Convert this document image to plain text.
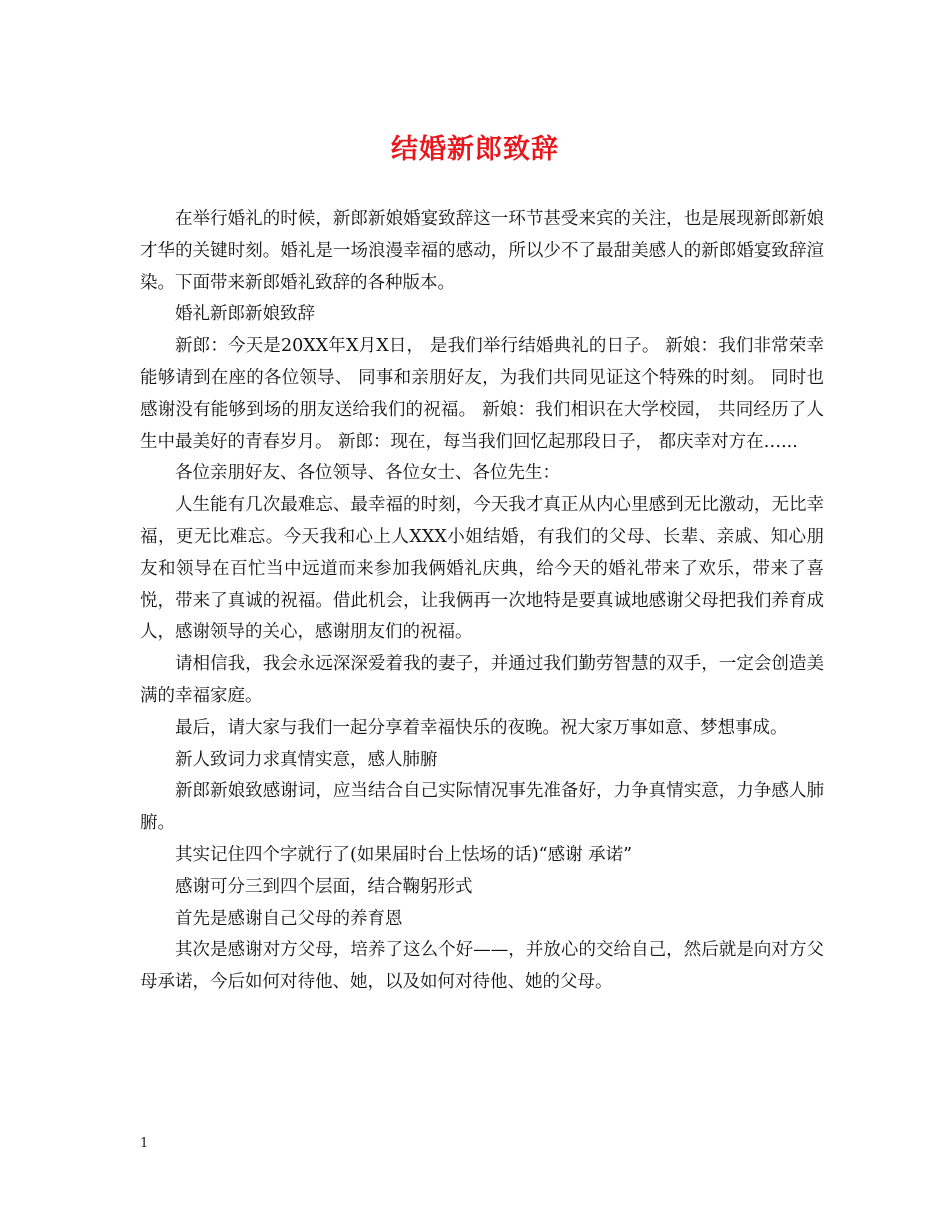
结婚新郎致辞

在举行婚礼的时候，新郎新娘婚宴致辞这一环节甚受来宾的关注，也是展现新郎新娘才华的关键时刻。婚礼是一场浪漫幸福的感动，所以少不了最甜美感人的新郎婚宴致辞渲染。下面带来新郎婚礼致辞的各种版本。

婚礼新郎新娘致辞

新郎：今天是20XX年X月X日， 是我们举行结婚典礼的日子。 新娘：我们非常荣幸能够请到在座的各位领导、 同事和亲朋好友，为我们共同见证这个特殊的时刻。 同时也感谢没有能够到场的朋友送给我们的祝福。 新娘：我们相识在大学校园， 共同经历了人生中最美好的青春岁月。 新郎：现在，每当我们回忆起那段日子， 都庆幸对方在…...

各位亲朋好友、各位领导、各位女士、各位先生：

人生能有几次最难忘、最幸福的时刻，今天我才真正从内心里感到无比激动，无比幸福，更无比难忘。今天我和心上人XXX小姐结婚，有我们的父母、长辈、亲戚、知心朋友和领导在百忙当中远道而来参加我俩婚礼庆典，给今天的婚礼带来了欢乐，带来了喜悦，带来了真诚的祝福。借此机会，让我俩再一次地特是要真诚地感谢父母把我们养育成人，感谢领导的关心，感谢朋友们的祝福。

请相信我，我会永远深深爱着我的妻子，并通过我们勤劳智慧的双手，一定会创造美满的幸福家庭。

最后，请大家与我们一起分享着幸福快乐的夜晚。祝大家万事如意、梦想事成。

新人致词力求真情实意，感人肺腑

新郎新娘致感谢词，应当结合自己实际情况事先准备好，力争真情实意，力争感人肺腑。

其实记住四个字就行了(如果届时台上怯场的话)“感谢 承诺”

感谢可分三到四个层面，结合鞠躬形式

首先是感谢自己父母的养育恩

其次是感谢对方父母，培养了这么个好——，并放心的交给自己，然后就是向对方父母承诺，今后如何对待他、她，以及如何对待他、她的父母。

1
